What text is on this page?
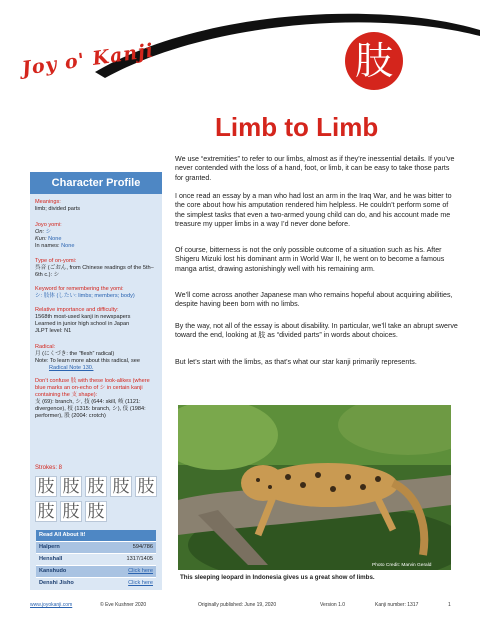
Joy o' Kanji	肢
Limb to Limb
Character Profile
Meanings:
limb; divided parts
Joyo yomi:
On: シ
Kun: None
In names: None
Type of on-yomi:
呉音 (ごおん, from Chinese readings of the 5th–6th c.): シ
Keyword for remembering the yomi:
シ: 肢体 (したい: limbs; members; body)
Relative importance and difficulty:
1568th most-used kanji in newspapers
Learned in junior high school in Japan
JLPT level: N1
Radical:
月 (にくづき: the “flesh” radical)
Note: To learn more about this radical, see
Radical Note 130.
Don’t confuse 肢 with these look-alikes (where blue marks an on-echo of シ in certain kanji containing the 支 shape):
支 (69): branch, シ, 技 (644: skill, 岐 (1121: divergence), 枝 (1315: branch, シ), 伎 (1984: performer), 股 (2004: crotch)
Strokes: 8
肢 肢 肢 肢 肢
肢 肢 肢
Read All About It!
Halpern	594/786
Henshall	1317/1405
Kanshudo	Click here
Denshi Jisho	Click here
We use “extremities” to refer to our limbs, almost as if they’re inessential details. If you’ve never contended with the loss of a hand, foot, or limb, it can be easy to take those parts for granted.
I once read an essay by a man who had lost an arm in the Iraq War, and he was bitter to the core about how his amputation rendered him helpless. He couldn’t perform some of the simplest tasks that even a two-armed young child can do, and his account made me treasure my upper limbs in a way I’d never done before.
Of course, bitterness is not the only possible outcome of a situation such as his. After Shigeru Mizuki lost his dominant arm in World War II, he went on to become a famous manga artist, drawing astonishingly well with his remaining arm.
We’ll come across another Japanese man who remains hopeful about acquiring abilities, despite having been born with no limbs.
By the way, not all of the essay is about disability. In particular, we’ll take an abrupt swerve toward the end, looking at 肢 as “divided parts” in words about choices.
But let’s start with the limbs, as that’s what our star kanji primarily represents.
Photo Credit: Marvin Gerald
This sleeping leopard in Indonesia gives us a great show of limbs.
www.joyokanji.com	© Eve Kushner 2020	Originally published: June 19, 2020	Version 1.0	Kanji number: 1317	1
